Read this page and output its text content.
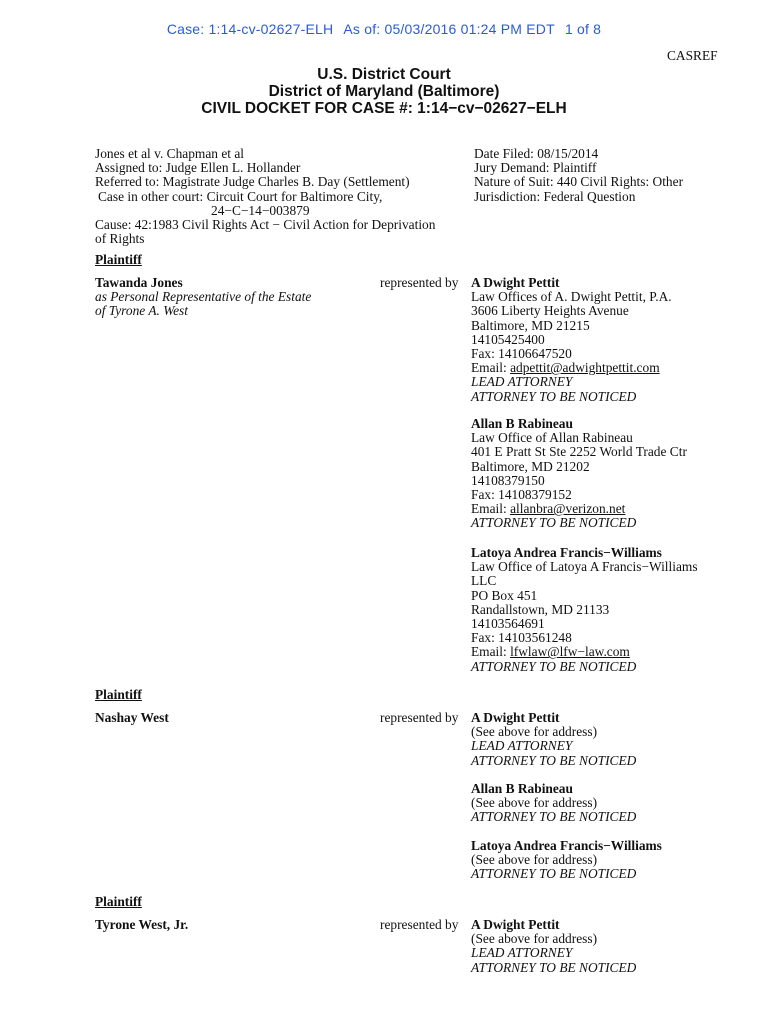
Case: 1:14-cv-02627-ELH As of: 05/03/2016 01:24 PM EDT 1 of 8
CASREF
U.S. District Court
District of Maryland (Baltimore)
CIVIL DOCKET FOR CASE #: 1:14−cv−02627−ELH
Jones et al v. Chapman et al
Assigned to: Judge Ellen L. Hollander
Referred to: Magistrate Judge Charles B. Day (Settlement)
Case in other court: Circuit Court for Baltimore City,
24−C−14−003879
Cause: 42:1983 Civil Rights Act − Civil Action for Deprivation
of Rights
Date Filed: 08/15/2014
Jury Demand: Plaintiff
Nature of Suit: 440 Civil Rights: Other
Jurisdiction: Federal Question
Plaintiff
Tawanda Jones
as Personal Representative of the Estate
of Tyrone A. West
represented by A Dwight Pettit
Law Offices of A. Dwight Pettit, P.A.
3606 Liberty Heights Avenue
Baltimore, MD 21215
14105425400
Fax: 14106647520
Email: adpettit@adwightpettit.com
LEAD ATTORNEY
ATTORNEY TO BE NOTICED
Allan B Rabineau
Law Office of Allan Rabineau
401 E Pratt St Ste 2252 World Trade Ctr
Baltimore, MD 21202
14108379150
Fax: 14108379152
Email: allanbra@verizon.net
ATTORNEY TO BE NOTICED
Latoya Andrea Francis−Williams
Law Office of Latoya A Francis−Williams
LLC
PO Box 451
Randallstown, MD 21133
14103564691
Fax: 14103561248
Email: lfwlaw@lfw−law.com
ATTORNEY TO BE NOTICED
Plaintiff
Nashay West	represented by A Dwight Pettit
(See above for address)
LEAD ATTORNEY
ATTORNEY TO BE NOTICED
Allan B Rabineau
(See above for address)
ATTORNEY TO BE NOTICED
Latoya Andrea Francis−Williams
(See above for address)
ATTORNEY TO BE NOTICED
Plaintiff
Tyrone West, Jr.	represented by A Dwight Pettit
(See above for address)
LEAD ATTORNEY
ATTORNEY TO BE NOTICED
